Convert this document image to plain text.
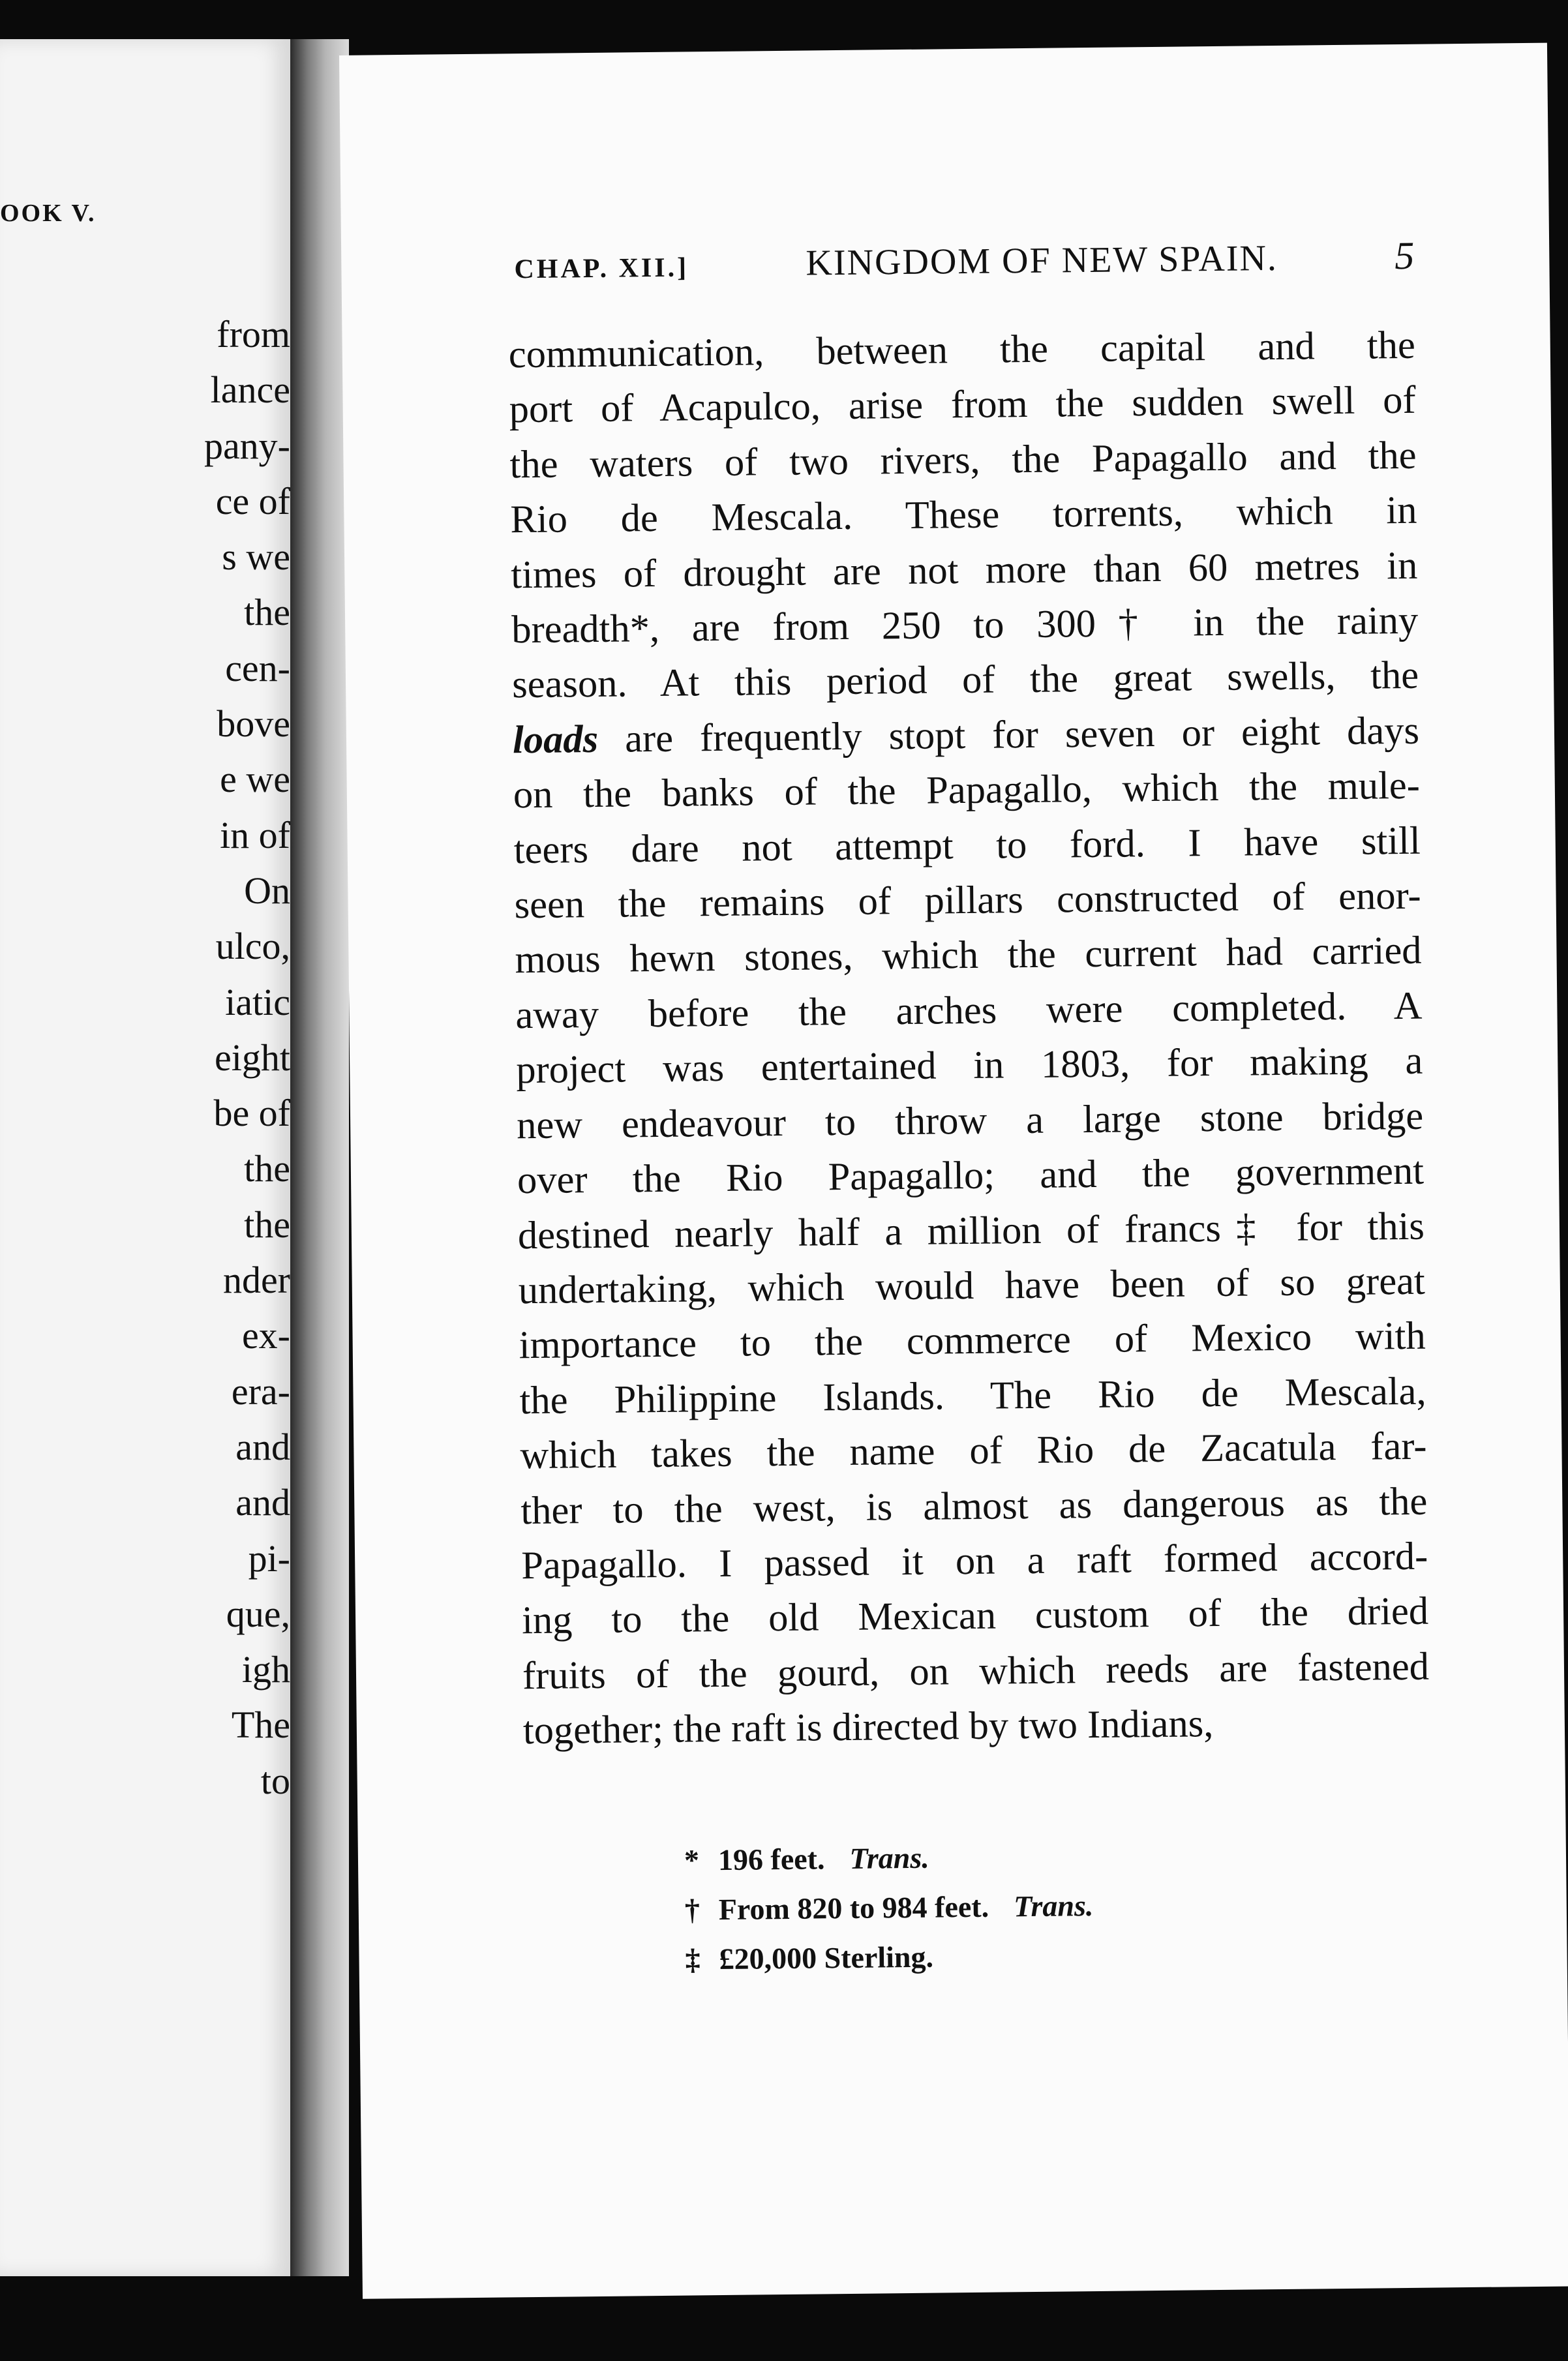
OOK V.
from
lance
pany-
ce of
s we
the
cen-
bove
e we
in of
On
ulco,
iatic
eight
be of
the
the
nder
ex-
era-
and
and
pi-
que,
igh
The
to
CHAP. XII.]	KINGDOM OF NEW SPAIN.	5
communication, between the capital and the
port of Acapulco, arise from the sudden swell of
the waters of two rivers, the Papagallo and the
Rio de Mescala. These torrents, which in
times of drought are not more than 60 metres in
breadth*, are from 250 to 300† in the rainy
season. At this period of the great swells, the
loads are frequently stopt for seven or eight days
on the banks of the Papagallo, which the mule-
teers dare not attempt to ford. I have still
seen the remains of pillars constructed of enor-
mous hewn stones, which the current had carried
away before the arches were completed. A
project was entertained in 1803, for making a
new endeavour to throw a large stone bridge
over the Rio Papagallo; and the government
destined nearly half a million of francs‡ for this
undertaking, which would have been of so great
importance to the commerce of Mexico with
the Philippine Islands. The Rio de Mescala,
which takes the name of Rio de Zacatula far-
ther to the west, is almost as dangerous as the
Papagallo. I passed it on a raft formed accord-
ing to the old Mexican custom of the dried
fruits of the gourd, on which reeds are fastened
together; the raft is directed by two Indians,
* 196 feet. Trans.
† From 820 to 984 feet. Trans.
‡ £20,000 Sterling.
